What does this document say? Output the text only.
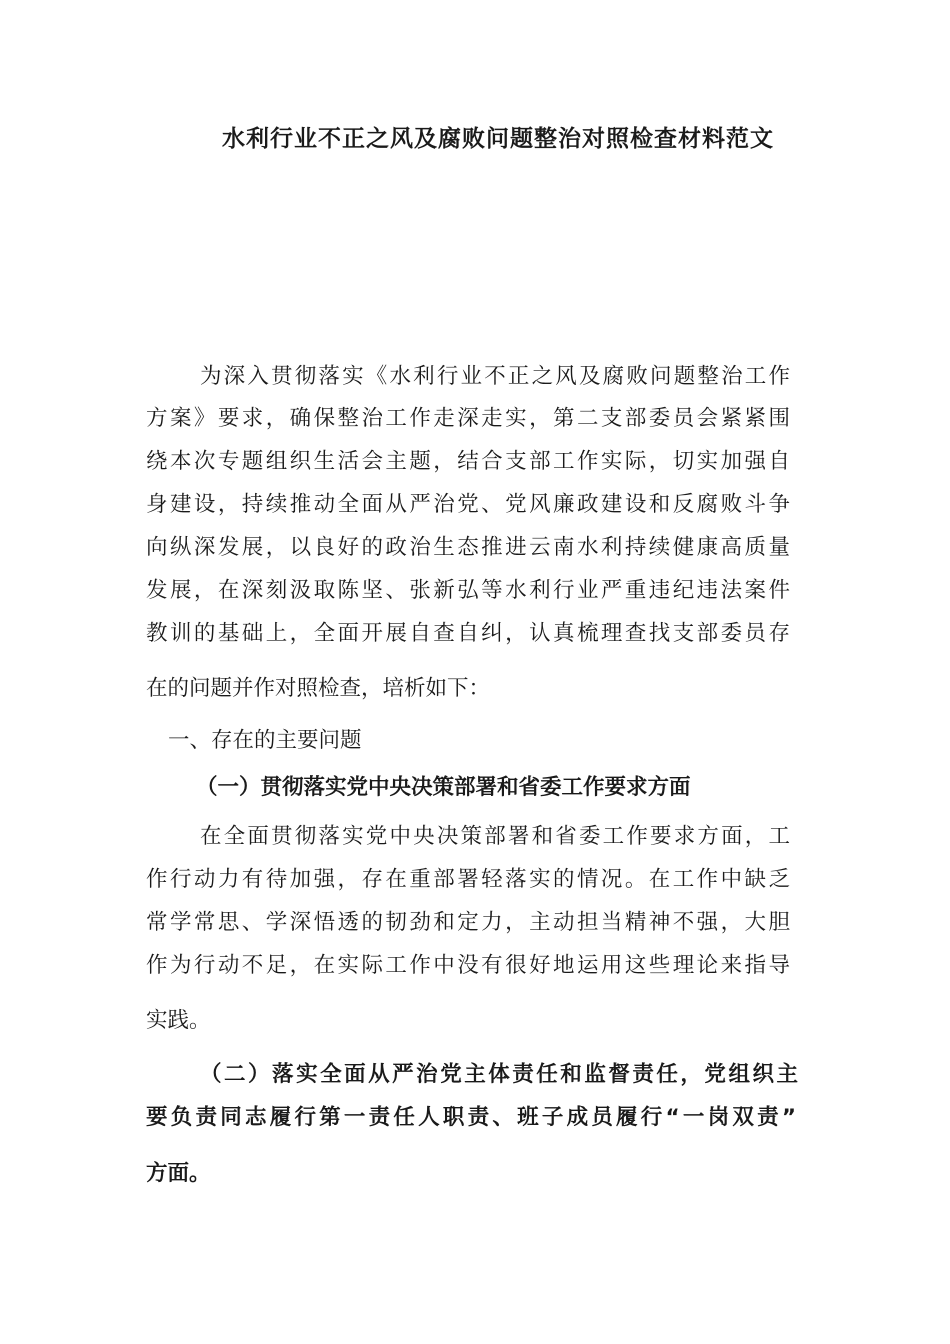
水利行业不正之风及腐败问题整治对照检查材料范文

为深入贯彻落实《水利行业不正之风及腐败问题整治工作

方案》要求，确保整治工作走深走实，第二支部委员会紧紧围

绕本次专题组织生活会主题，结合支部工作实际，切实加强自

身建设，持续推动全面从严治党、党风廉政建设和反腐败斗争

向纵深发展，以良好的政治生态推进云南水利持续健康高质量

发展，在深刻汲取陈坚、张新弘等水利行业严重违纪违法案件

教训的基础上，全面开展自查自纠，认真梳理查找支部委员存

在的问题并作对照检查，培析如下：

一、存在的主要问题

（一）贯彻落实党中央决策部署和省委工作要求方面

在全面贯彻落实党中央决策部署和省委工作要求方面，工

作行动力有待加强，存在重部署轻落实的情况。在工作中缺乏

常学常思、学深悟透的韧劲和定力，主动担当精神不强，大胆

作为行动不足，在实际工作中没有很好地运用这些理论来指导

实践。

（二）落实全面从严治党主体责任和监督责任，党组织主

要负责同志履行第一责任人职责、班子成员履行“一岗双责”

方面。
